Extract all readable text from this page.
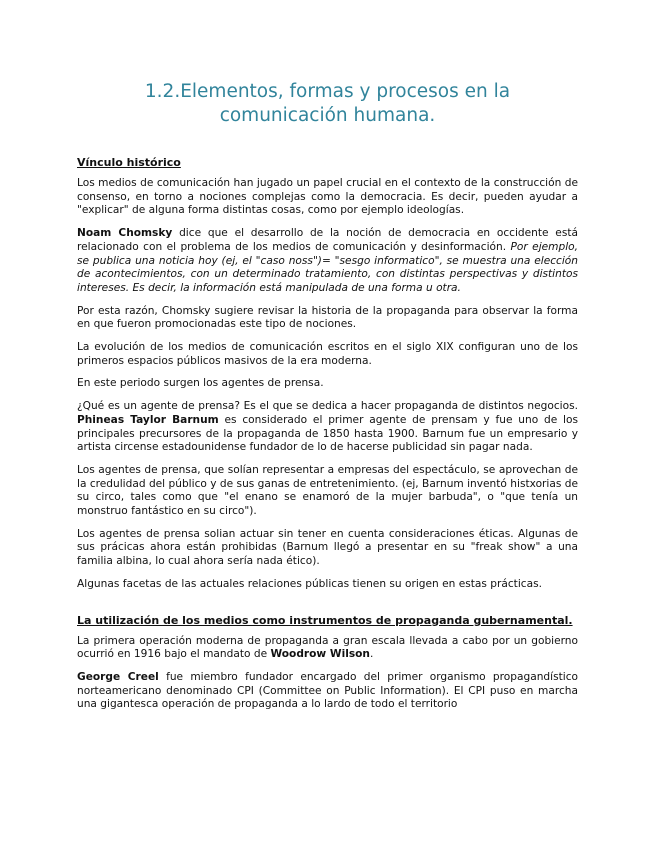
1.2.Elementos, formas y procesos en la
comunicación humana.

Vínculo histórico

Los medios de comunicación han jugado un papel crucial en el contexto de la construcción de consenso, en torno a nociones complejas como la democracia. Es decir, pueden ayudar a "explicar" de alguna forma distintas cosas, como por ejemplo ideologías.

Noam Chomsky dice que el desarrollo de la noción de democracia en occidente está relacionado con el problema de los medios de comunicación y desinformación. Por ejemplo, se publica una noticia hoy (ej, el "caso noss")= "sesgo informatico", se muestra una elección de acontecimientos, con un determinado tratamiento, con distintas perspectivas y distintos intereses. Es decir, la información está manipulada de una forma u otra.

Por esta razón, Chomsky sugiere revisar la historia de la propaganda para observar la forma en que fueron promocionadas este tipo de nociones.

La evolución de los medios de comunicación escritos en el siglo XIX configuran uno de los primeros espacios públicos masivos de la era moderna.

En este periodo surgen los agentes de prensa.

¿Qué es un agente de prensa? Es el que se dedica a hacer propaganda de distintos negocios. Phineas Taylor Barnum es considerado el primer agente de prensam y fue uno de los principales precursores de la propaganda de 1850 hasta 1900. Barnum fue un empresario y artista circense estadounidense fundador de lo de hacerse publicidad sin pagar nada.

Los agentes de prensa, que solían representar a empresas del espectáculo, se aprovechan de la credulidad del público y de sus ganas de entretenimiento. (ej, Barnum inventó histxorias de su circo, tales como que "el enano se enamoró de la mujer barbuda", o "que tenía un monstruo fantástico en su circo").

Los agentes de prensa solian actuar sin tener en cuenta consideraciones éticas. Algunas de sus prácicas ahora están prohibidas (Barnum llegó a presentar en su "freak show" a una familia albina, lo cual ahora sería nada ético).

Algunas facetas de las actuales relaciones públicas tienen su origen en estas prácticas.

La utilización de los medios como instrumentos de propaganda gubernamental.

La primera operación moderna de propaganda a gran escala llevada a cabo por un gobierno ocurrió en 1916 bajo el mandato de Woodrow Wilson.

George Creel fue miembro fundador encargado del primer organismo propagandístico norteamericano denominado CPI (Committee on Public Information). El CPI puso en marcha una gigantesca operación de propaganda a lo lardo de todo el territorio
